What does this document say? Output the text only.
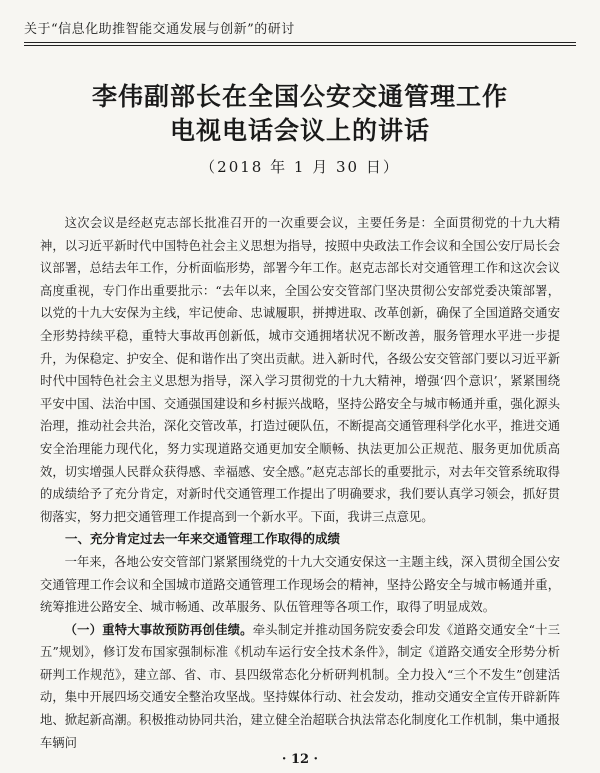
关于“信息化助推智能交通发展与创新”的研讨
李伟副部长在全国公安交通管理工作
电视电话会议上的讲话
（2018 年 1 月 30 日）

这次会议是经赵克志部长批准召开的一次重要会议，主要任务是：全面贯彻党的十九大精神，以习近平新时代中国特色社会主义思想为指导，按照中央政法工作会议和全国公安厅局长会议部署，总结去年工作，分析面临形势，部署今年工作。赵克志部长对交通管理工作和这次会议高度重视，专门作出重要批示：“去年以来，全国公安交管部门坚决贯彻公安部党委决策部署，以党的十九大安保为主线，牢记使命、忠诚履职，拼搏进取、改革创新，确保了全国道路交通安全形势持续平稳，重特大事故再创新低，城市交通拥堵状况不断改善，服务管理水平进一步提升，为保稳定、护安全、促和谐作出了突出贡献。进入新时代，各级公安交管部门要以习近平新时代中国特色社会主义思想为指导，深入学习贯彻党的十九大精神，增强‘四个意识’，紧紧围绕平安中国、法治中国、交通强国建设和乡村振兴战略，坚持公路安全与城市畅通并重，强化源头治理，推动社会共治，深化交管改革，打造过硬队伍，不断提高交通管理科学化水平，推进交通安全治理能力现代化，努力实现道路交通更加安全顺畅、执法更加公正规范、服务更加优质高效，切实增强人民群众获得感、幸福感、安全感。”赵克志部长的重要批示，对去年交管系统取得的成绩给予了充分肯定，对新时代交通管理工作提出了明确要求，我们要认真学习领会，抓好贯彻落实，努力把交通管理工作提高到一个新水平。下面，我讲三点意见。

一、充分肯定过去一年来交通管理工作取得的成绩

一年来，各地公安交管部门紧紧围绕党的十九大交通安保这一主题主线，深入贯彻全国公安交通管理工作会议和全国城市道路交通管理工作现场会的精神，坚持公路安全与城市畅通并重，统筹推进公路安全、城市畅通、改革服务、队伍管理等各项工作，取得了明显成效。

（一）重特大事故预防再创佳绩。牵头制定并推动国务院安委会印发《道路交通安全“十三五”规划》，修订发布国家强制标准《机动车运行安全技术条件》，制定《道路交通安全形势分析研判工作规范》，建立部、省、市、县四级常态化分析研判机制。全力投入“三个不发生”创建活动，集中开展四场交通安全整治攻坚战。坚持媒体行动、社会发动，推动交通安全宣传开辟新阵地、掀起新高潮。积极推动协同共治，建立健全治超联合执法常态化制度化工作机制，集中通报车辆问

· 12 ·
